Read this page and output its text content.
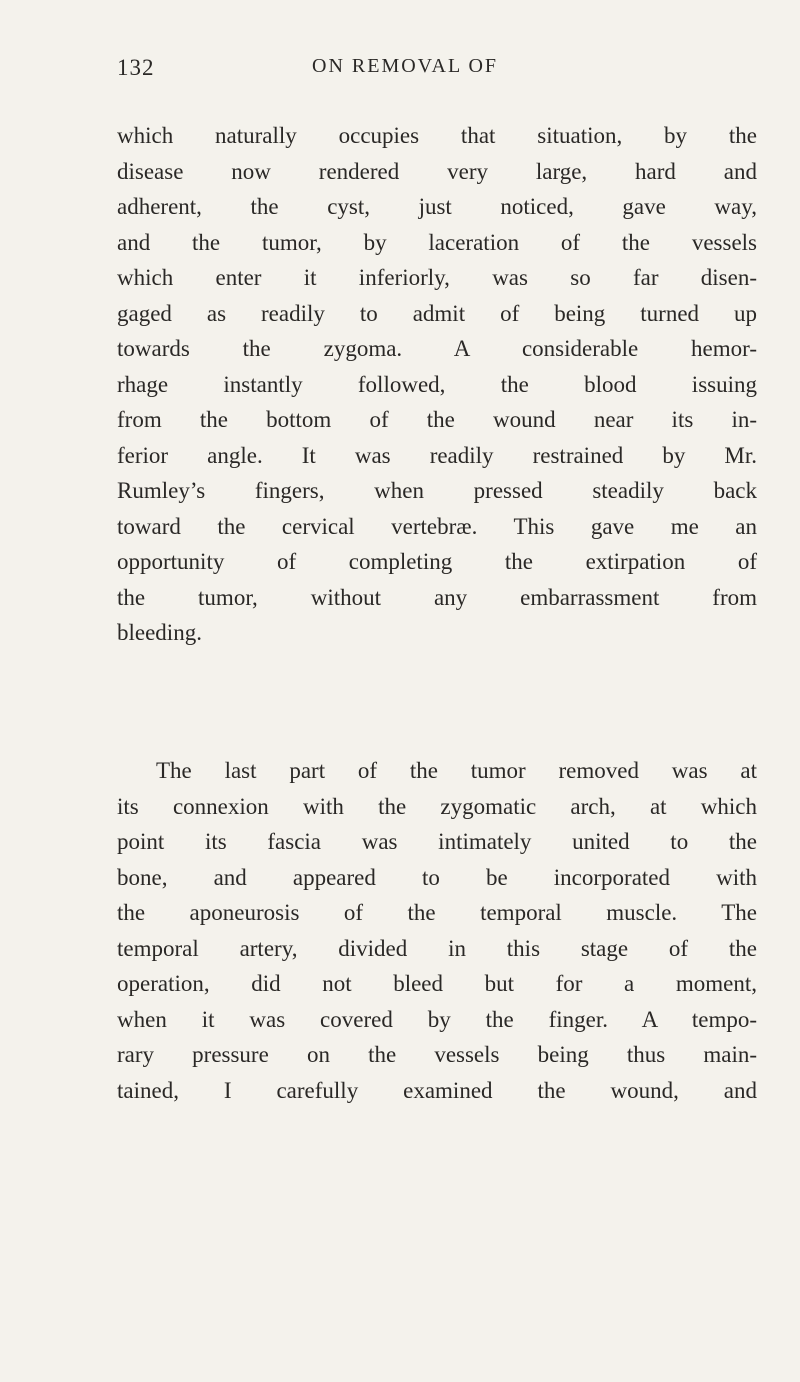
132	ON REMOVAL OF
which naturally occupies that situation, by the
disease now rendered very large, hard and
adherent, the cyst, just noticed, gave way,
and the tumor, by laceration of the vessels
which enter it inferiorly, was so far disen-
gaged as readily to admit of being turned up
towards the zygoma. A considerable hemor-
rhage instantly followed, the blood issuing
from the bottom of the wound near its in-
ferior angle. It was readily restrained by Mr.
Rumley’s fingers, when pressed steadily back
toward the cervical vertebræ. This gave me an
opportunity of completing the extirpation of
the tumor, without any embarrassment from
bleeding.
The last part of the tumor removed was at
its connexion with the zygomatic arch, at which
point its fascia was intimately united to the
bone, and appeared to be incorporated with
the aponeurosis of the temporal muscle. The
temporal artery, divided in this stage of the
operation, did not bleed but for a moment,
when it was covered by the finger. A tempo-
rary pressure on the vessels being thus main-
tained, I carefully examined the wound, and
